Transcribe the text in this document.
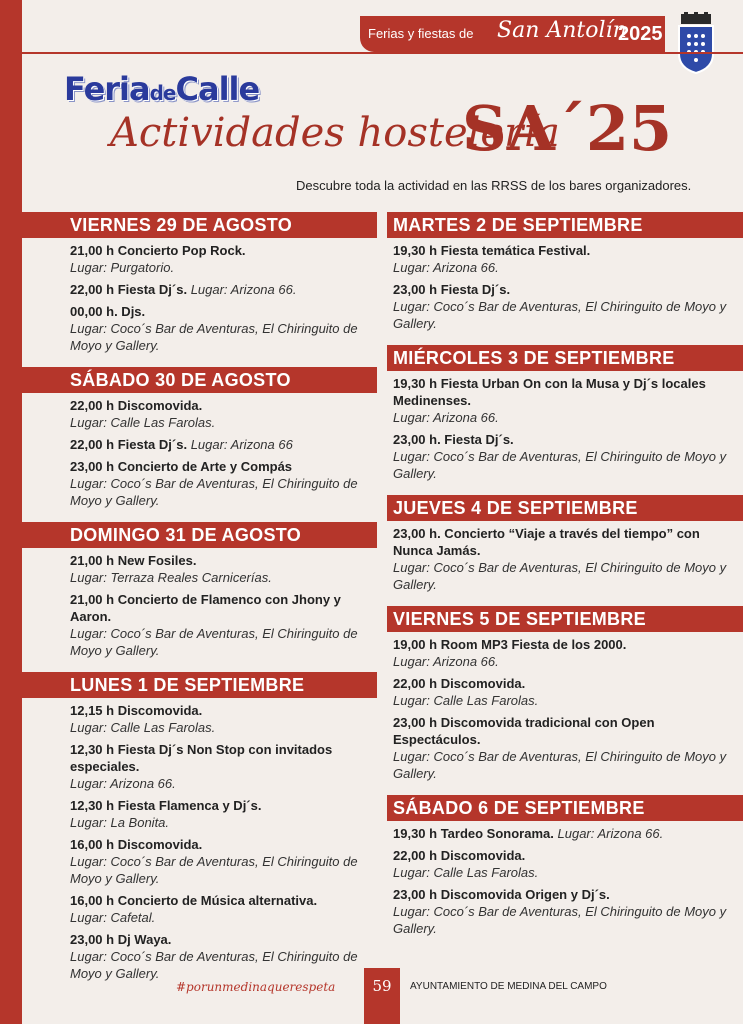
Ferias y fiestas de San Antolín
2025
FeriadeCalle
Actividades hostelería
SA´25
Descubre toda la actividad en las RRSS de los bares organizadores.
VIERNES 29 DE AGOSTO
21,00 h Concierto Pop Rock.
Lugar: Purgatorio.
22,00 h Fiesta Dj´s. Lugar: Arizona 66.
00,00 h. Djs.
Lugar: Coco´s Bar de Aventuras, El Chiringuito de Moyo y Gallery.
SÁBADO 30 DE AGOSTO
22,00 h Discomovida.
Lugar: Calle Las Farolas.
22,00 h Fiesta Dj´s. Lugar: Arizona 66
23,00 h Concierto de Arte y Compás
Lugar: Coco´s Bar de Aventuras, El Chiringuito de Moyo y Gallery.
DOMINGO 31 DE AGOSTO
21,00 h New Fosiles.
Lugar: Terraza Reales Carnicerías.
21,00 h Concierto de Flamenco con Jhony y Aaron.
Lugar: Coco´s Bar de Aventuras, El Chiringuito de Moyo y Gallery.
LUNES 1 DE SEPTIEMBRE
12,15 h Discomovida.
Lugar: Calle Las Farolas.
12,30 h Fiesta Dj´s Non Stop con invitados especiales.
Lugar: Arizona 66.
12,30 h Fiesta Flamenca y Dj´s.
Lugar: La Bonita.
16,00 h Discomovida.
Lugar: Coco´s Bar de Aventuras, El Chiringuito de Moyo y Gallery.
16,00 h Concierto de Música alternativa.
Lugar: Cafetal.
23,00 h Dj Waya.
Lugar: Coco´s Bar de Aventuras, El Chiringuito de Moyo y Gallery.
MARTES 2 DE SEPTIEMBRE
19,30 h Fiesta temática Festival.
Lugar: Arizona 66.
23,00 h Fiesta Dj´s.
Lugar: Coco´s Bar de Aventuras, El Chiringuito de Moyo y Gallery.
MIÉRCOLES 3 DE SEPTIEMBRE
19,30 h Fiesta Urban On con la Musa y Dj´s locales Medinenses.
Lugar: Arizona 66.
23,00 h. Fiesta Dj´s.
Lugar: Coco´s Bar de Aventuras, El Chiringuito de Moyo y Gallery.
JUEVES 4 DE SEPTIEMBRE
23,00 h. Concierto “Viaje a través del tiempo” con Nunca Jamás.
Lugar: Coco´s Bar de Aventuras, El Chiringuito de Moyo y Gallery.
VIERNES 5 DE SEPTIEMBRE
19,00 h Room MP3 Fiesta de los 2000.
Lugar: Arizona 66.
22,00 h Discomovida.
Lugar: Calle Las Farolas.
23,00 h Discomovida tradicional con Open Espectáculos.
Lugar: Coco´s Bar de Aventuras, El Chiringuito de Moyo y Gallery.
SÁBADO 6 DE SEPTIEMBRE
19,30 h Tardeo Sonorama. Lugar: Arizona 66.
22,00 h Discomovida.
Lugar: Calle Las Farolas.
23,00 h Discomovida Origen y Dj´s.
Lugar: Coco´s Bar de Aventuras, El Chiringuito de Moyo y Gallery.
#porunmedinaquerespeta	59	AYUNTAMIENTO DE MEDINA DEL CAMPO
